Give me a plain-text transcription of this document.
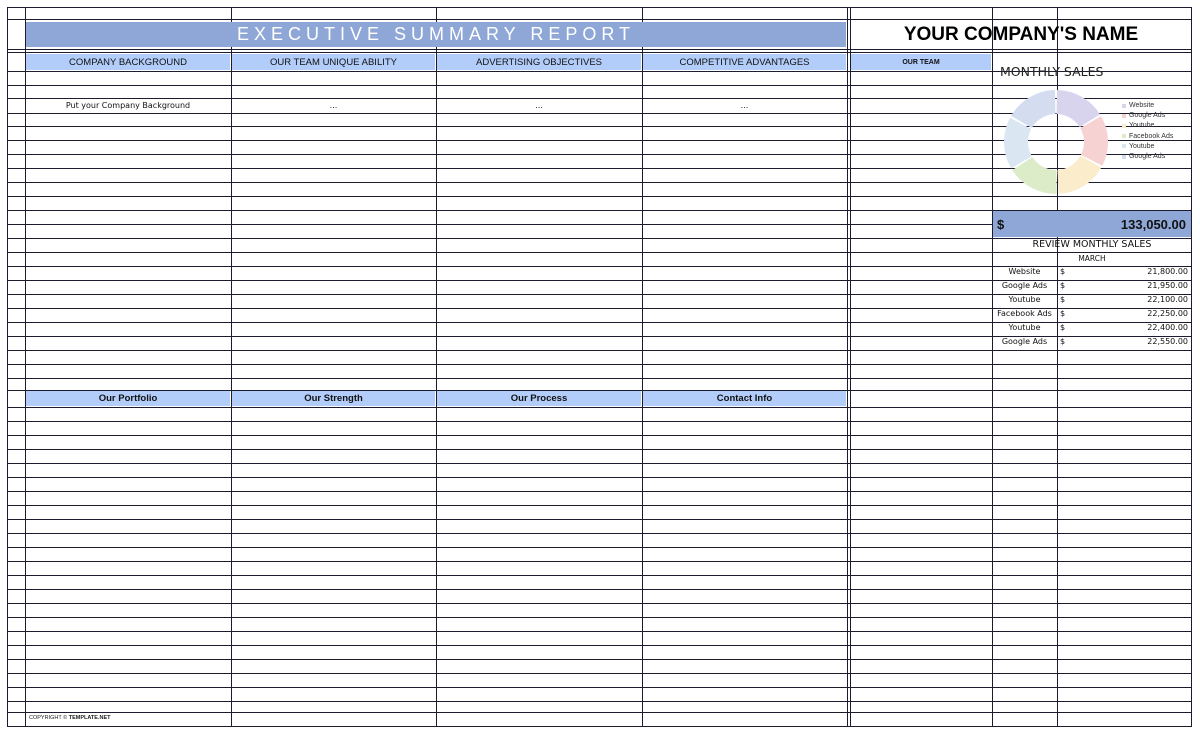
EXECUTIVE SUMMARY REPORT	YOUR COMPANY'S NAME
COMPANY BACKGROUND	OUR TEAM UNIQUE ABILITY	ADVERTISING OBJECTIVES	COMPETITIVE ADVANTAGES	OUR TEAM
Put your Company Background	...	...	...
Our Portfolio	Our Strength	Our Process	Contact Info
MONTHLY SALES
Website
Google Ads
Youtube
Facebook Ads
Youtube
Google Ads
$	133,050.00
REVIEW MONTHLY SALES
MARCH
Website	$	21,800.00
Google Ads	$	21,950.00
Youtube	$	22,100.00
Facebook Ads	$	22,250.00
Youtube	$	22,400.00
Google Ads	$	22,550.00
COPYRIGHT © TEMPLATE.NET
